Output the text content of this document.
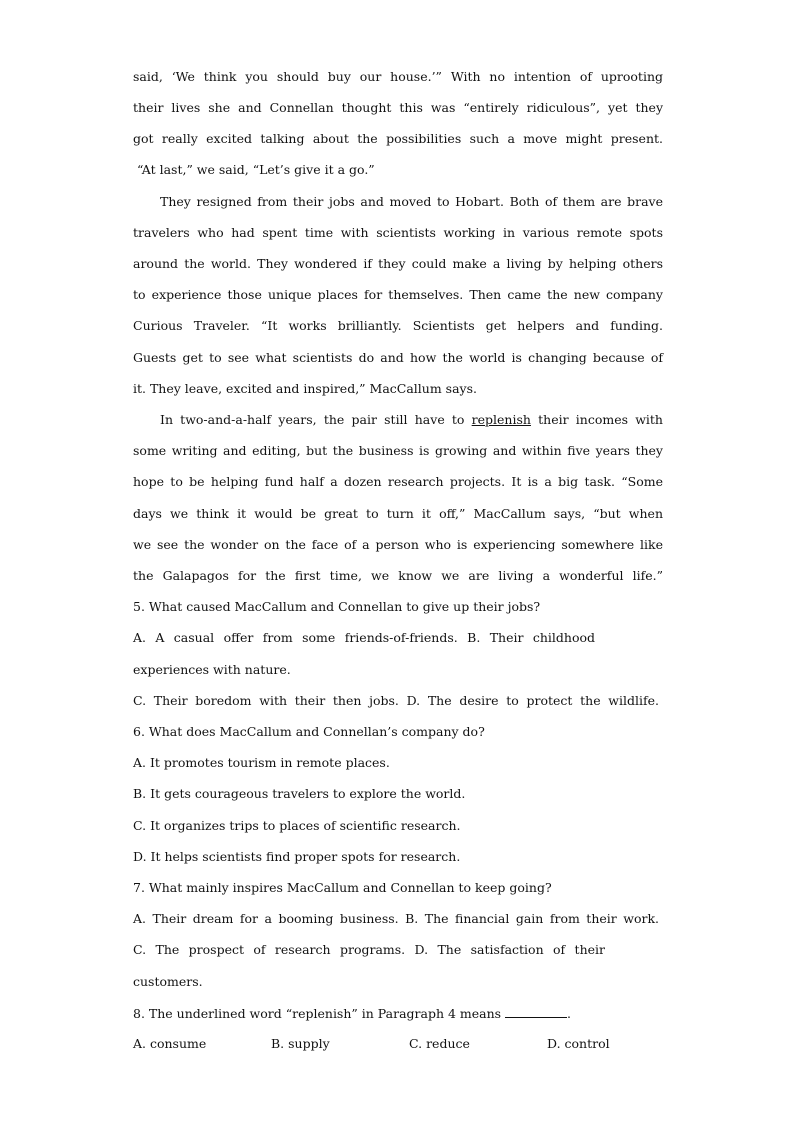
said, ‘We think you should buy our house.’” With no intention of uprooting
their lives she and Connellan thought this was “entirely ridiculous”, yet they
got really excited talking about the possibilities such a move might present.
“At last,” we said, “Let’s give it a go.”
They resigned from their jobs and moved to Hobart. Both of them are brave
travelers who had spent time with scientists working in various remote spots
around the world. They wondered if they could make a living by helping others
to experience those unique places for themselves. Then came the new company
Curious Traveler. “It works brilliantly. Scientists get helpers and funding.
Guests get to see what scientists do and how the world is changing because of
it. They leave, excited and inspired,” MacCallum says.
In two-and-a-half years, the pair still have to replenish their incomes with
some writing and editing, but the business is growing and within five years they
hope to be helping fund half a dozen research projects. It is a big task. “Some
days we think it would be great to turn it off,” MacCallum says, “but when
we see the wonder on the face of a person who is experiencing somewhere like
the Galapagos for the first time, we know we are living a wonderful life.”
5. What caused MacCallum and Connellan to give up their jobs?
A. A casual offer from some friends-of-friends. B. Their childhood
experiences with nature.
C. Their boredom with their then jobs. D. The desire to protect the wildlife.
6. What does MacCallum and Connellan’s company do?
A. It promotes tourism in remote places.
B. It gets courageous travelers to explore the world.
C. It organizes trips to places of scientific research.
D. It helps scientists find proper spots for research.
7. What mainly inspires MacCallum and Connellan to keep going?
A. Their dream for a booming business. B. The financial gain from their work.
C. The prospect of research programs. D. The satisfaction of their
customers.
8. The underlined word “replenish” in Paragraph 4 means	.
A. consume	B. supply	C. reduce	D. control
